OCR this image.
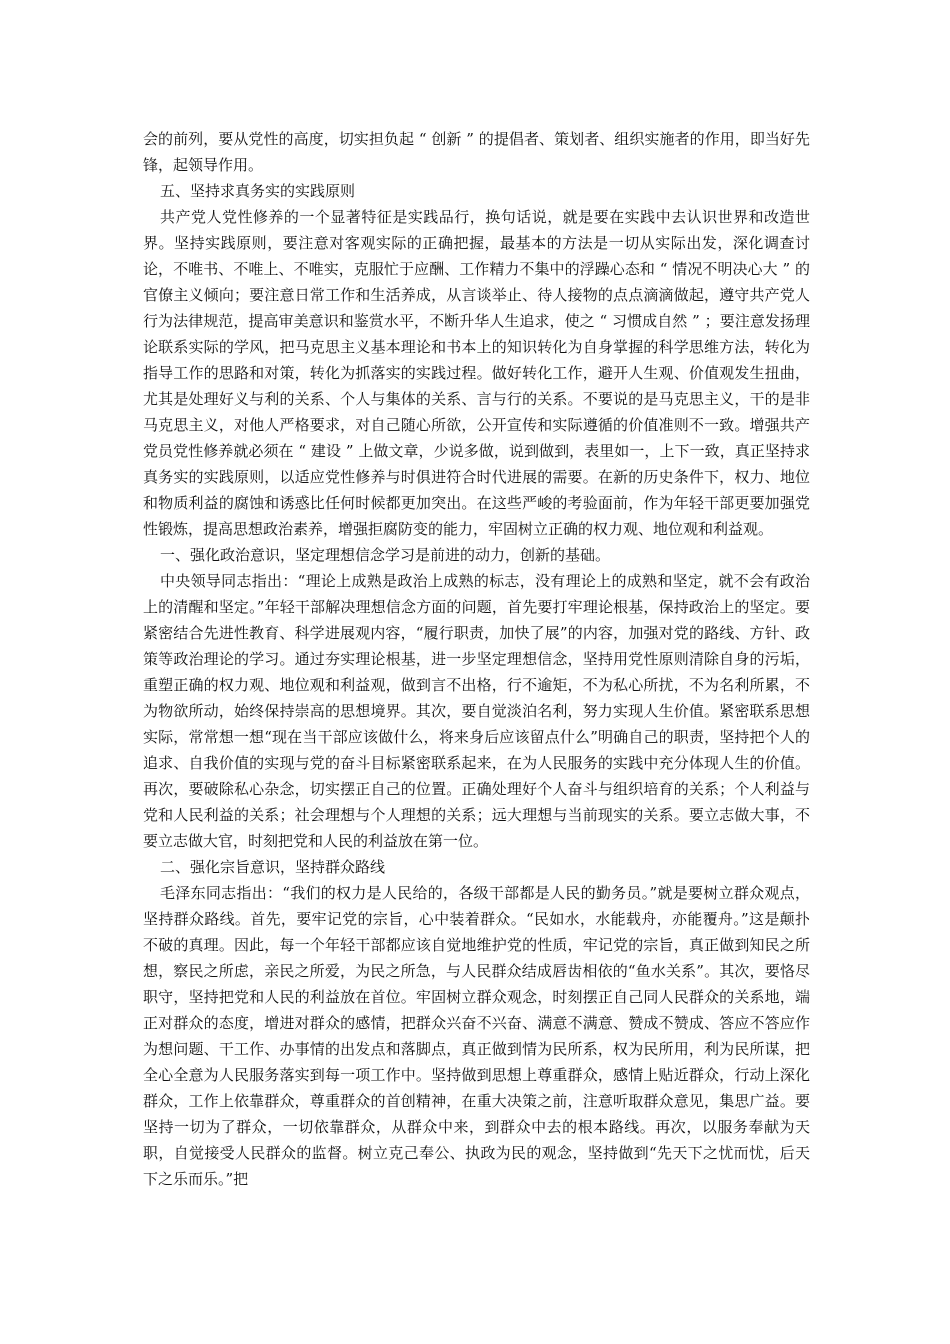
会的前列，要从党性的高度，切实担负起 “ 创新 ” 的提倡者、策划者、组织实施者的作用，即当好先锋，起领导作用。

五、坚持求真务实的实践原则

共产党人党性修养的一个显著特征是实践品行，换句话说，就是要在实践中去认识世界和改造世界。坚持实践原则，要注意对客观实际的正确把握，最基本的方法是一切从实际出发，深化调查讨论，不唯书、不唯上、不唯实，克服忙于应酬、工作精力不集中的浮躁心态和 “ 情况不明决心大 ” 的官僚主义倾向；要注意日常工作和生活养成，从言谈举止、待人接物的点点滴滴做起，遵守共产党人行为法律规范，提高审美意识和鉴赏水平，不断升华人生追求，使之 “ 习惯成自然 ” ；要注意发扬理论联系实际的学风，把马克思主义基本理论和书本上的知识转化为自身掌握的科学思维方法，转化为指导工作的思路和对策，转化为抓落实的实践过程。做好转化工作，避开人生观、价值观发生扭曲，尤其是处理好义与利的关系、个人与集体的关系、言与行的关系。不要说的是马克思主义，干的是非马克思主义，对他人严格要求，对自己随心所欲，公开宣传和实际遵循的价值准则不一致。增强共产党员党性修养就必须在 “ 建设 ” 上做文章，少说多做，说到做到，表里如一，上下一致，真正坚持求真务实的实践原则，以适应党性修养与时俱进符合时代进展的需要。在新的历史条件下，权力、地位和物质利益的腐蚀和诱惑比任何时候都更加突出。在这些严峻的考验面前，作为年轻干部更要加强党性锻炼，提高思想政治素养，增强拒腐防变的能力，牢固树立正确的权力观、地位观和利益观。

一、强化政治意识，坚定理想信念学习是前进的动力，创新的基础。

中央领导同志指出：“理论上成熟是政治上成熟的标志，没有理论上的成熟和坚定，就不会有政治上的清醒和坚定。”年轻干部解决理想信念方面的问题，首先要打牢理论根基，保持政治上的坚定。要紧密结合先进性教育、科学进展观内容，“履行职责，加快了展”的内容，加强对党的路线、方针、政策等政治理论的学习。通过夯实理论根基，进一步坚定理想信念，坚持用党性原则清除自身的污垢，重塑正确的权力观、地位观和利益观，做到言不出格，行不逾矩，不为私心所扰，不为名利所累，不为物欲所动，始终保持崇高的思想境界。其次，要自觉淡泊名利，努力实现人生价值。紧密联系思想实际，常常想一想“现在当干部应该做什么，将来身后应该留点什么”明确自己的职责，坚持把个人的追求、自我价值的实现与党的奋斗目标紧密联系起来，在为人民服务的实践中充分体现人生的价值。再次，要破除私心杂念，切实摆正自己的位置。正确处理好个人奋斗与组织培育的关系；个人利益与党和人民利益的关系；社会理想与个人理想的关系；远大理想与当前现实的关系。要立志做大事，不要立志做大官，时刻把党和人民的利益放在第一位。

二、强化宗旨意识，坚持群众路线

毛泽东同志指出：“我们的权力是人民给的，各级干部都是人民的勤务员。”就是要树立群众观点，坚持群众路线。首先，要牢记党的宗旨，心中装着群众。“民如水，水能载舟，亦能覆舟。”这是颠扑不破的真理。因此，每一个年轻干部都应该自觉地维护党的性质，牢记党的宗旨，真正做到知民之所想，察民之所虑，亲民之所爱，为民之所急，与人民群众结成唇齿相依的“鱼水关系”。其次，要恪尽职守，坚持把党和人民的利益放在首位。牢固树立群众观念，时刻摆正自己同人民群众的关系地，端正对群众的态度，增进对群众的感情，把群众兴奋不兴奋、满意不满意、赞成不赞成、答应不答应作为想问题、干工作、办事情的出发点和落脚点，真正做到情为民所系，权为民所用，利为民所谋，把全心全意为人民服务落实到每一项工作中。坚持做到思想上尊重群众，感情上贴近群众，行动上深化群众，工作上依靠群众，尊重群众的首创精神，在重大决策之前，注意听取群众意见，集思广益。要坚持一切为了群众，一切依靠群众，从群众中来，到群众中去的根本路线。再次，以服务奉献为天职，自觉接受人民群众的监督。树立克己奉公、执政为民的观念，坚持做到“先天下之忧而忧，后天下之乐而乐。”把
